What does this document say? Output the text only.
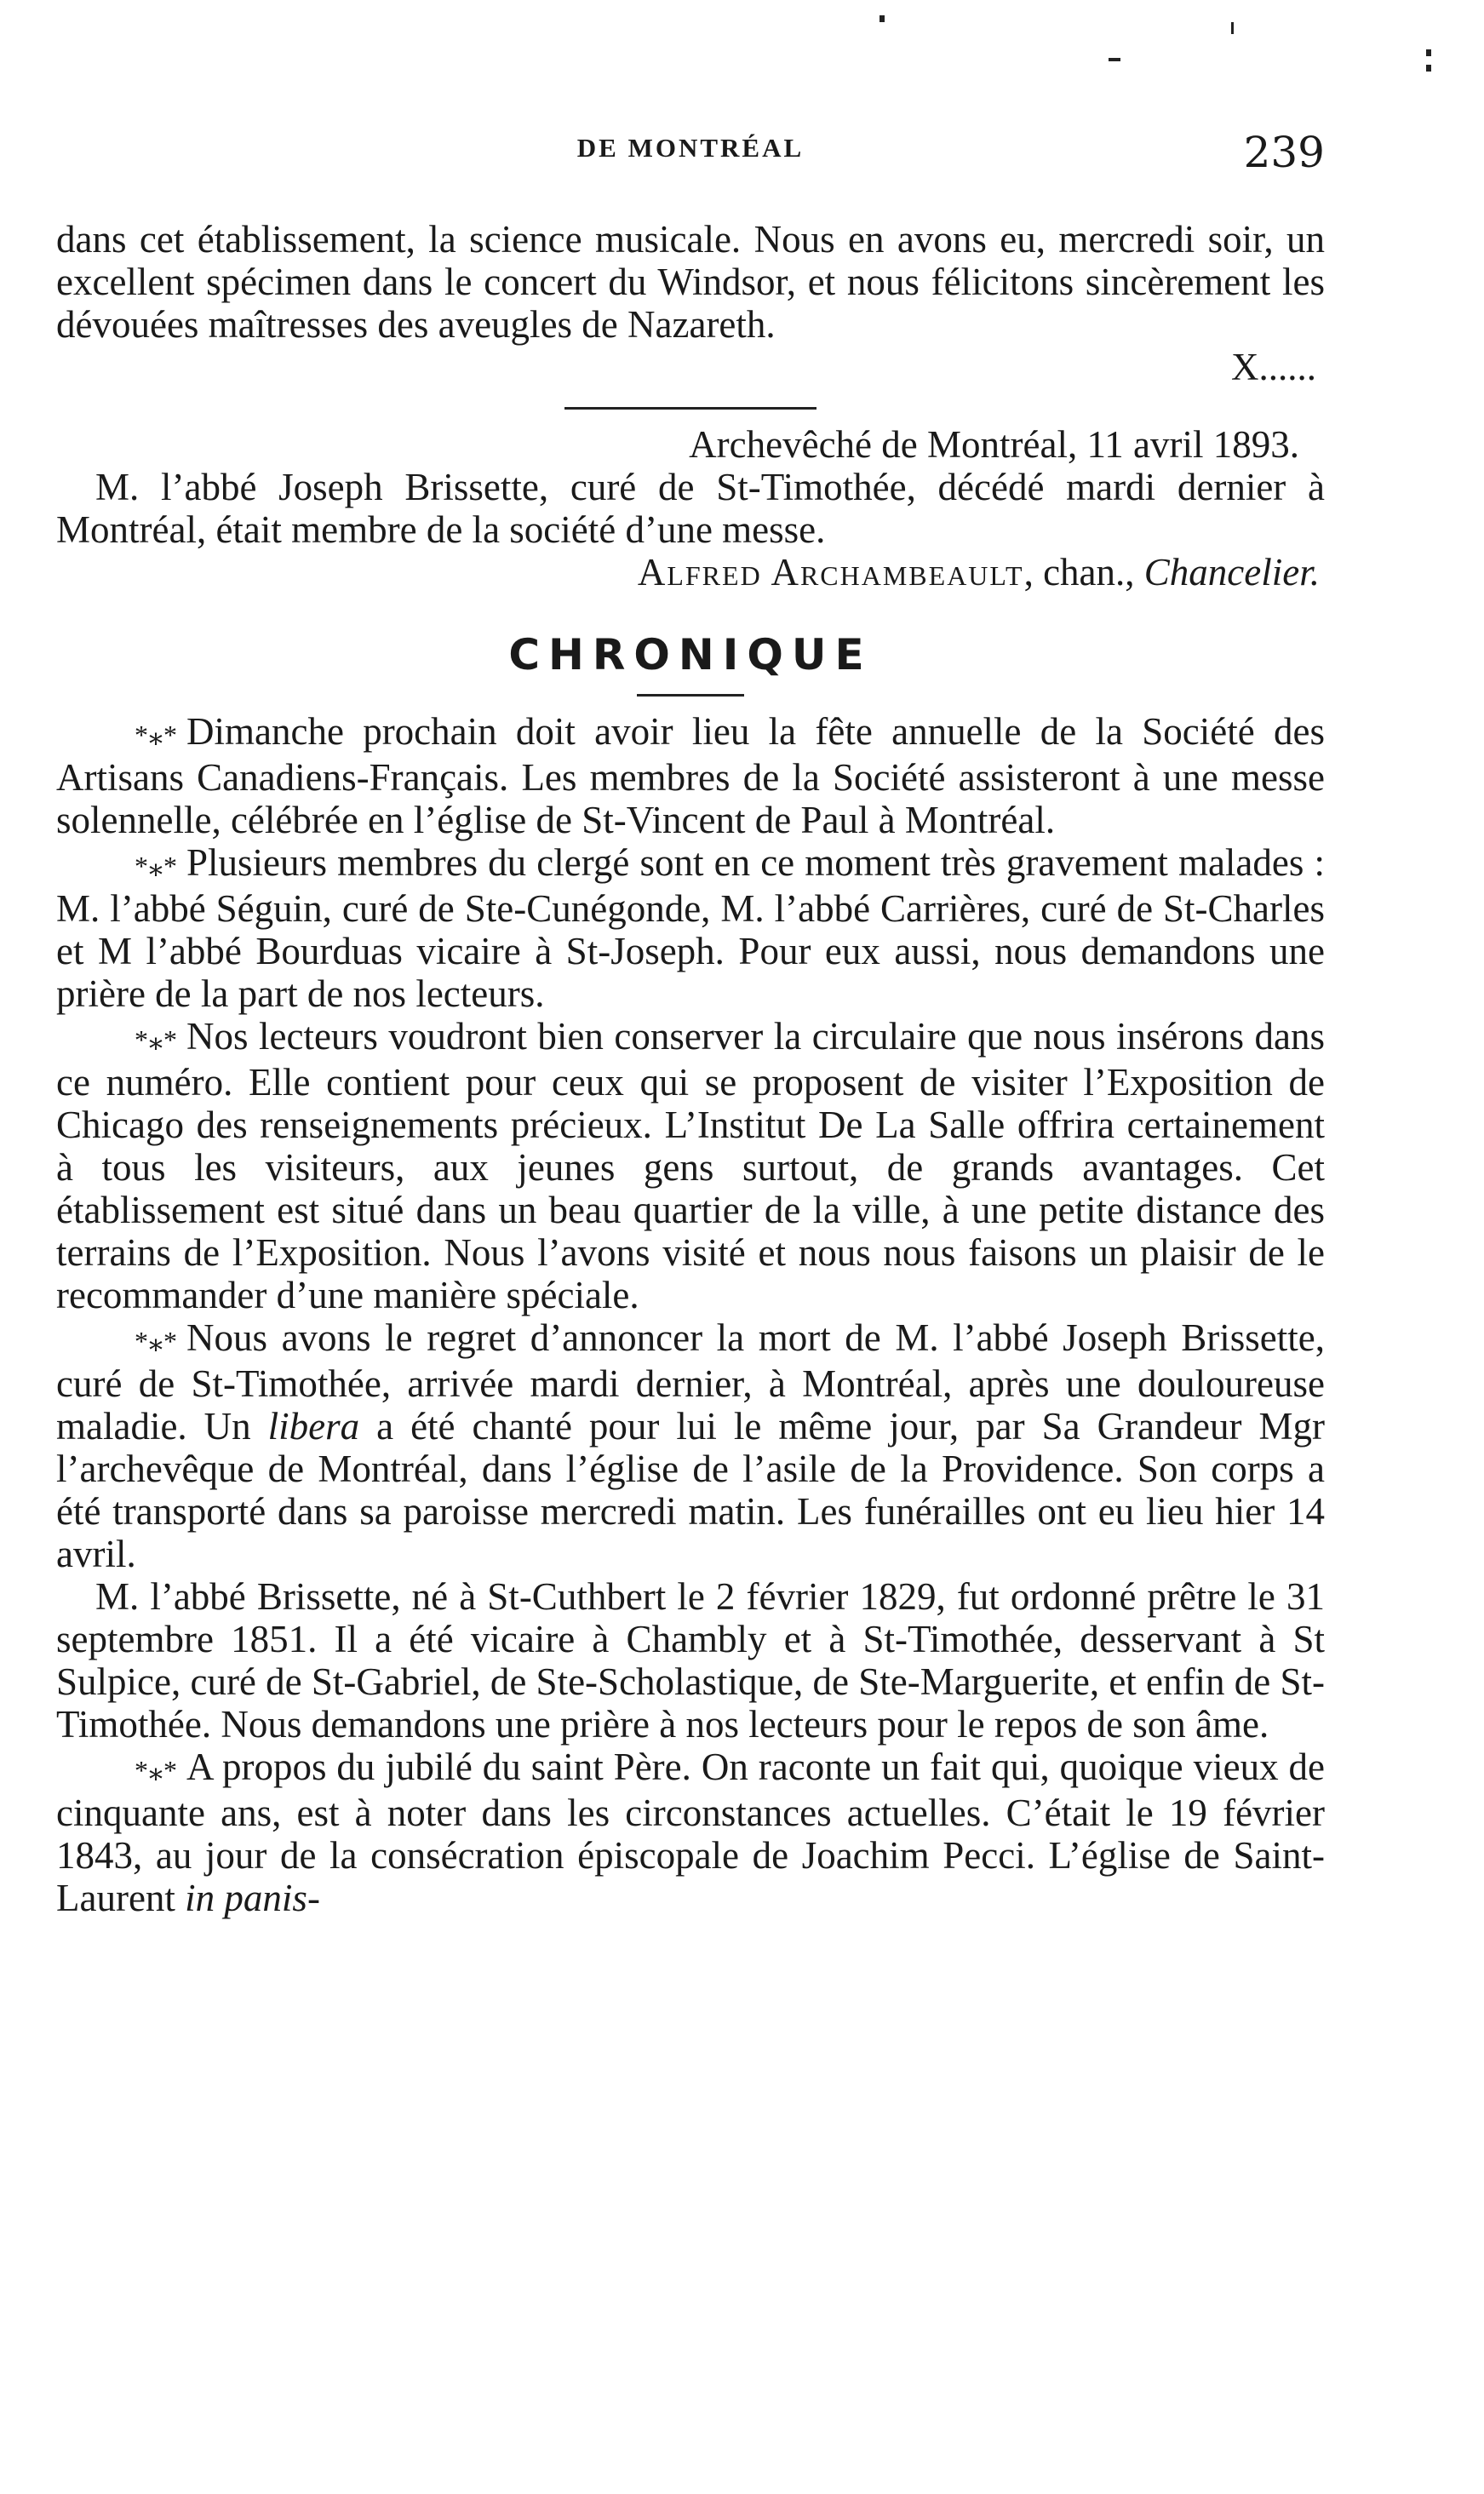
DE MONTRÉAL	239

dans cet établissement, la science musicale. Nous en avons eu, mercredi soir, un excellent spécimen dans le concert du Windsor, et nous félicitons sincèrement les dévouées maîtresses des aveugles de Nazareth.

X......

Archevêché de Montréal, 11 avril 1893.

M. l’abbé Joseph Brissette, curé de St-Timothée, décédé mardi dernier à Montréal, était membre de la société d’une messe.

Alfred Archambeault, chan., Chancelier.

CHRONIQUE

*⁎* Dimanche prochain doit avoir lieu la fête annuelle de la Société des Artisans Canadiens-Français. Les membres de la Société assisteront à une messe solennelle, célébrée en l’église de St-Vincent de Paul à Montréal.

*⁎* Plusieurs membres du clergé sont en ce moment très gravement malades : M. l’abbé Séguin, curé de Ste-Cunégonde, M. l’abbé Carrières, curé de St-Charles et M l’abbé Bourduas vicaire à St-Joseph. Pour eux aussi, nous demandons une prière de la part de nos lecteurs.

*⁎* Nos lecteurs voudront bien conserver la circulaire que nous insérons dans ce numéro. Elle contient pour ceux qui se proposent de visiter l’Exposition de Chicago des renseignements précieux. L’Institut De La Salle offrira certainement à tous les visiteurs, aux jeunes gens surtout, de grands avantages. Cet établissement est situé dans un beau quartier de la ville, à une petite distance des terrains de l’Exposition. Nous l’avons visité et nous nous faisons un plaisir de le recommander d’une manière spéciale.

*⁎* Nous avons le regret d’annoncer la mort de M. l’abbé Joseph Brissette, curé de St-Timothée, arrivée mardi dernier, à Montréal, après une douloureuse maladie. Un libera a été chanté pour lui le même jour, par Sa Grandeur Mgr l’archevêque de Montréal, dans l’église de l’asile de la Providence. Son corps a été transporté dans sa paroisse mercredi matin. Les funérailles ont eu lieu hier 14 avril.

M. l’abbé Brissette, né à St-Cuthbert le 2 février 1829, fut ordonné prêtre le 31 septembre 1851. Il a été vicaire à Chambly et à St-Timothée, desservant à St Sulpice, curé de St-Gabriel, de Ste-Scholastique, de Ste-Marguerite, et enfin de St-Timothée. Nous demandons une prière à nos lecteurs pour le repos de son âme.

*⁎* A propos du jubilé du saint Père. On raconte un fait qui, quoique vieux de cinquante ans, est à noter dans les circonstances actuelles. C’était le 19 février 1843, au jour de la consécration épiscopale de Joachim Pecci. L’église de Saint-Laurent in panis-
